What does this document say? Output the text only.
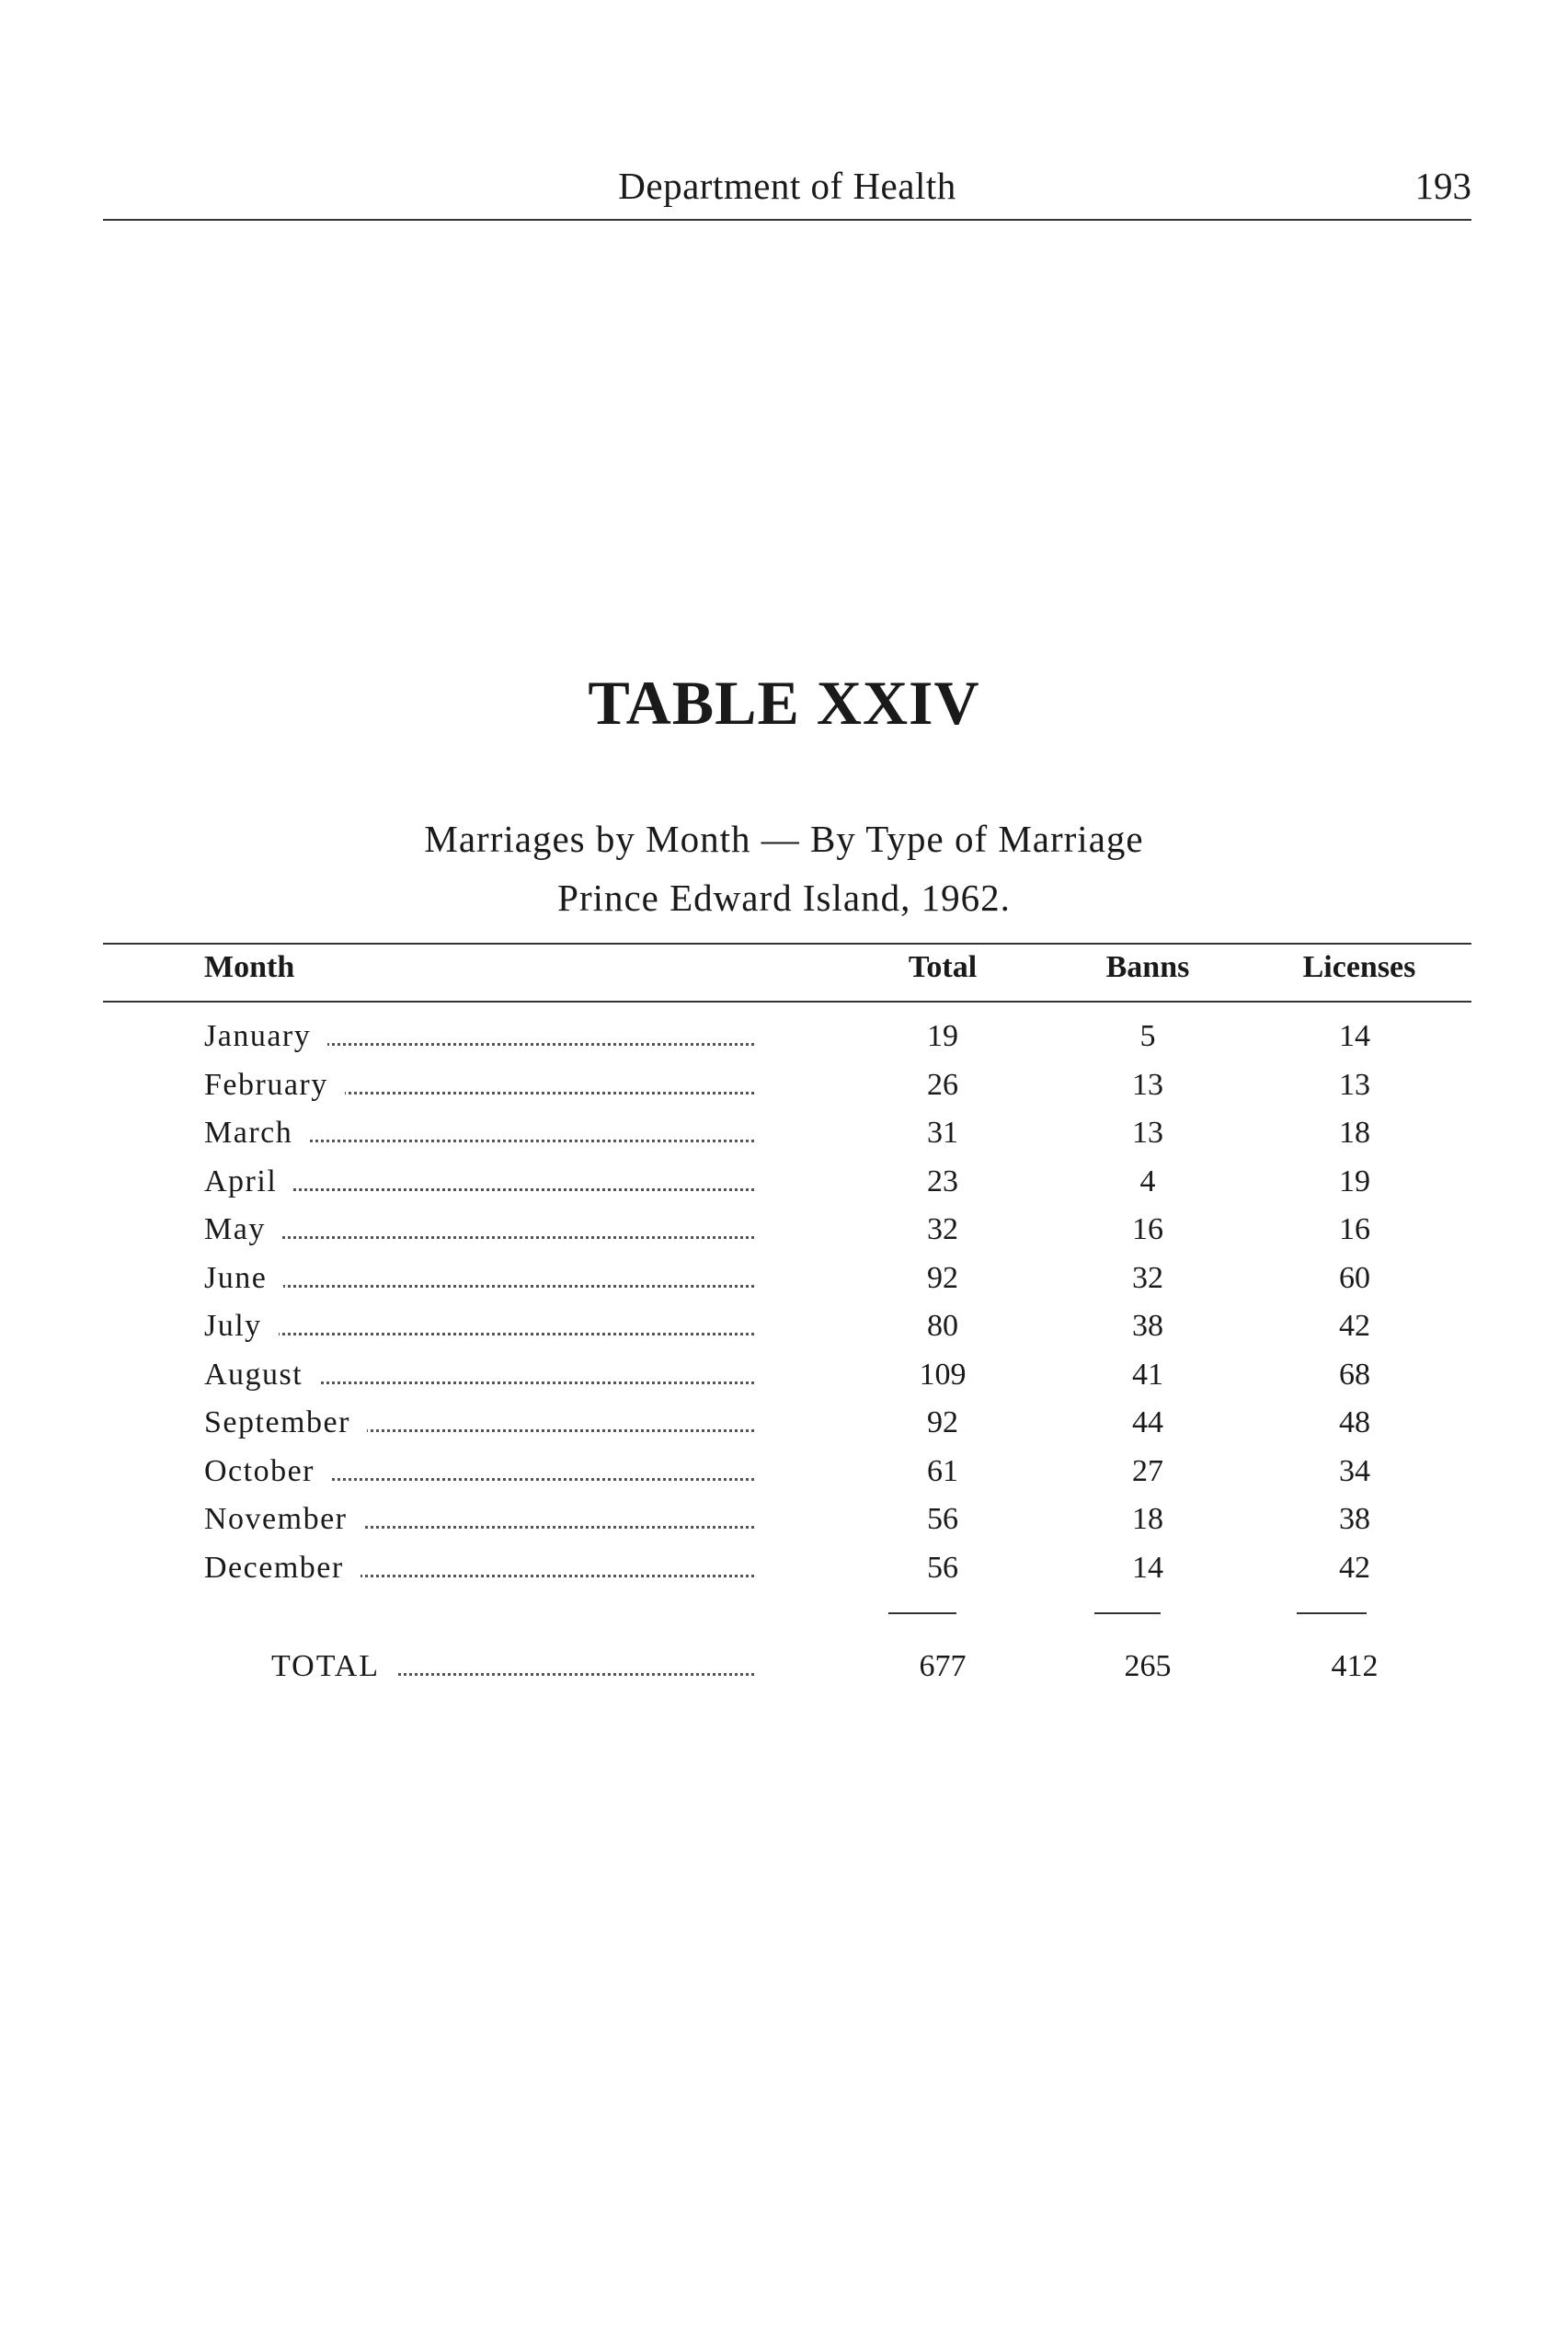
Department of Health	193
TABLE XXIV
Marriages by Month — By Type of Marriage
Prince Edward Island, 1962.
Month	Total	Banns	Licenses
January	19	5	14
February	26	13	13
March	31	13	18
April	23	4	19
May	32	16	16
June	92	32	60
July	80	38	42
August	109	41	68
September	92	44	48
October	61	27	34
November	56	18	38
December	56	14	42
TOTAL	677	265	412
